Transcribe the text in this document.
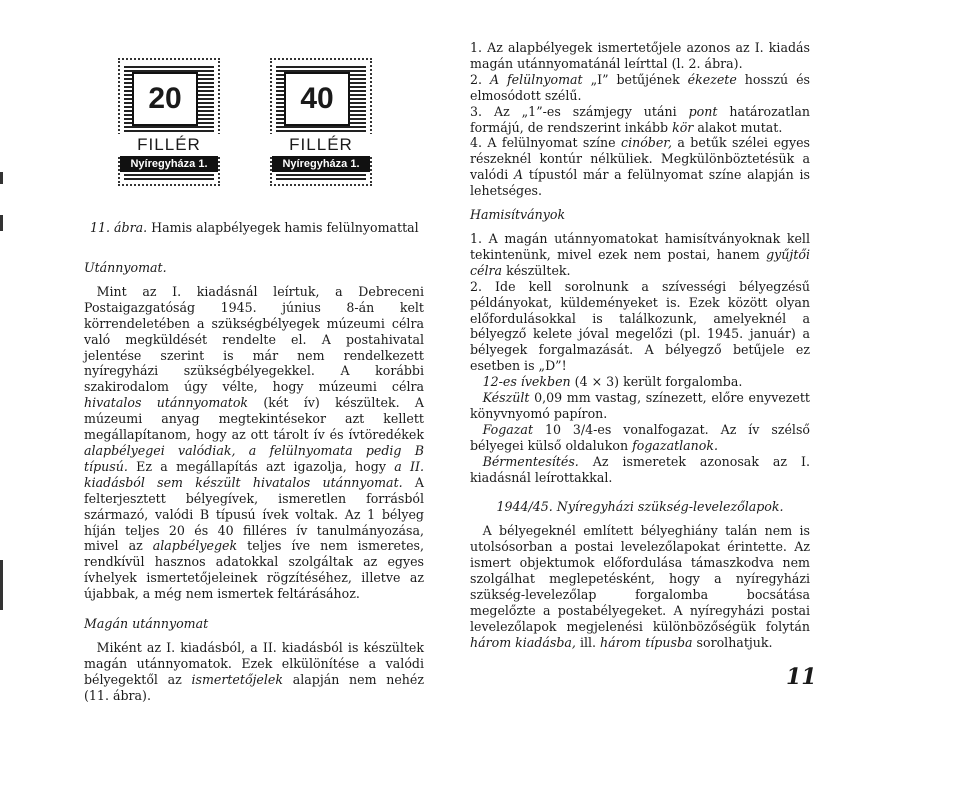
20
FILLÉR
Nyíregyháza 1.
40
FILLÉR
Nyíregyháza 1.
11. ábra. Hamis alapbélyegek hamis felülnyomattal

Utánnyomat.

 Mint az I. kiadásnál leírtuk, a Debreceni Postaigazgatóság 1945. június 8-án kelt körrendeletében a szükségbélyegek múzeumi célra való megküldését rendelte el. A postahivatal jelentése szerint is már nem rendelkezett nyíregyházi szükségbélyegekkel. A korábbi szakirodalom úgy vélte, hogy múzeumi célra hivatalos utánnyomatok (két ív) készültek. A múzeumi anyag megtekintésekor azt kellett megállapítanom, hogy az ott tárolt ív és ívtöredékek alapbélyegei valódiak, a felülnyomata pedig B típusú. Ez a megállapítás azt igazolja, hogy a II. kiadásból sem készült hivatalos utánnyomat. A felterjesztett bélyegívek, ismeretlen forrásból származó, valódi B típusú ívek voltak. Az 1 bélyeg híján teljes 20 és 40 filléres ív tanulmányozása, mivel az alapbélyegek teljes íve nem ismeretes, rendkívül hasznos adatokkal szolgáltak az egyes ívhelyek ismertetőjeleinek rögzítéséhez, illetve az újabbak, a még nem ismertek feltárásához.

Magán utánnyomat

 Miként az I. kiadásból, a II. kiadásból is készültek magán utánnyomatok. Ezek elkülönítése a valódi bélyegektől az ismertetőjelek alapján nem nehéz (11. ábra).

1. Az alapbélyegek ismertetőjele azonos az I. kiadás magán utánnyomatánál leírttal (l. 2. ábra).

2. A felülnyomat „I” betűjének ékezete hosszú és elmosódott szélű.

3. Az „1”-es számjegy utáni pont határozatlan formájú, de rendszerint inkább kör alakot mutat.

4. A felülnyomat színe cinóber, a betűk szélei egyes részeknél kontúr nélküliek. Megkülönböztetésük a valódi A típustól már a felülnyomat színe alapján is lehetséges.

Hamisítványok

1. A magán utánnyomatokat hamisítványoknak kell tekintenünk, mivel ezek nem postai, hanem gyűjtői célra készültek.

2. Ide kell sorolnunk a szívességi bélyegzésű példányokat, küldeményeket is. Ezek között olyan előfordulásokkal is találkozunk, amelyeknél a bélyegző kelete jóval megelőzi (pl. 1945. január) a bélyegek forgalmazását. A bélyegző betűjele ez esetben is „D”!

 12-es ívekben (4 × 3) került forgalomba.

 Készült 0,09 mm vastag, színezett, előre enyvezett könyvnyomó papíron.

 Fogazat 10 3/4-es vonalfogazat. Az ív szélső bélyegei külső oldalukon fogazatlanok.

 Bérmentesítés. Az ismeretek azonosak az I. kiadásnál leírottakkal.

1944/45. Nyíregyházi szükség-levelezőlapok.

 A bélyegeknél említett bélyeghiány talán nem is utolsósorban a postai levelezőlapokat érintette. Az ismert objektumok előfordulása támaszkodva nem szolgálhat meglepetésként, hogy a nyíregyházi szükség-levelezőlap forgalomba bocsátása megelőzte a postabélyegeket. A nyíregyházi postai levelezőlapok megjelenési különbözőségük folytán három kiadásba, ill. három típusba sorolhatjuk.

11
